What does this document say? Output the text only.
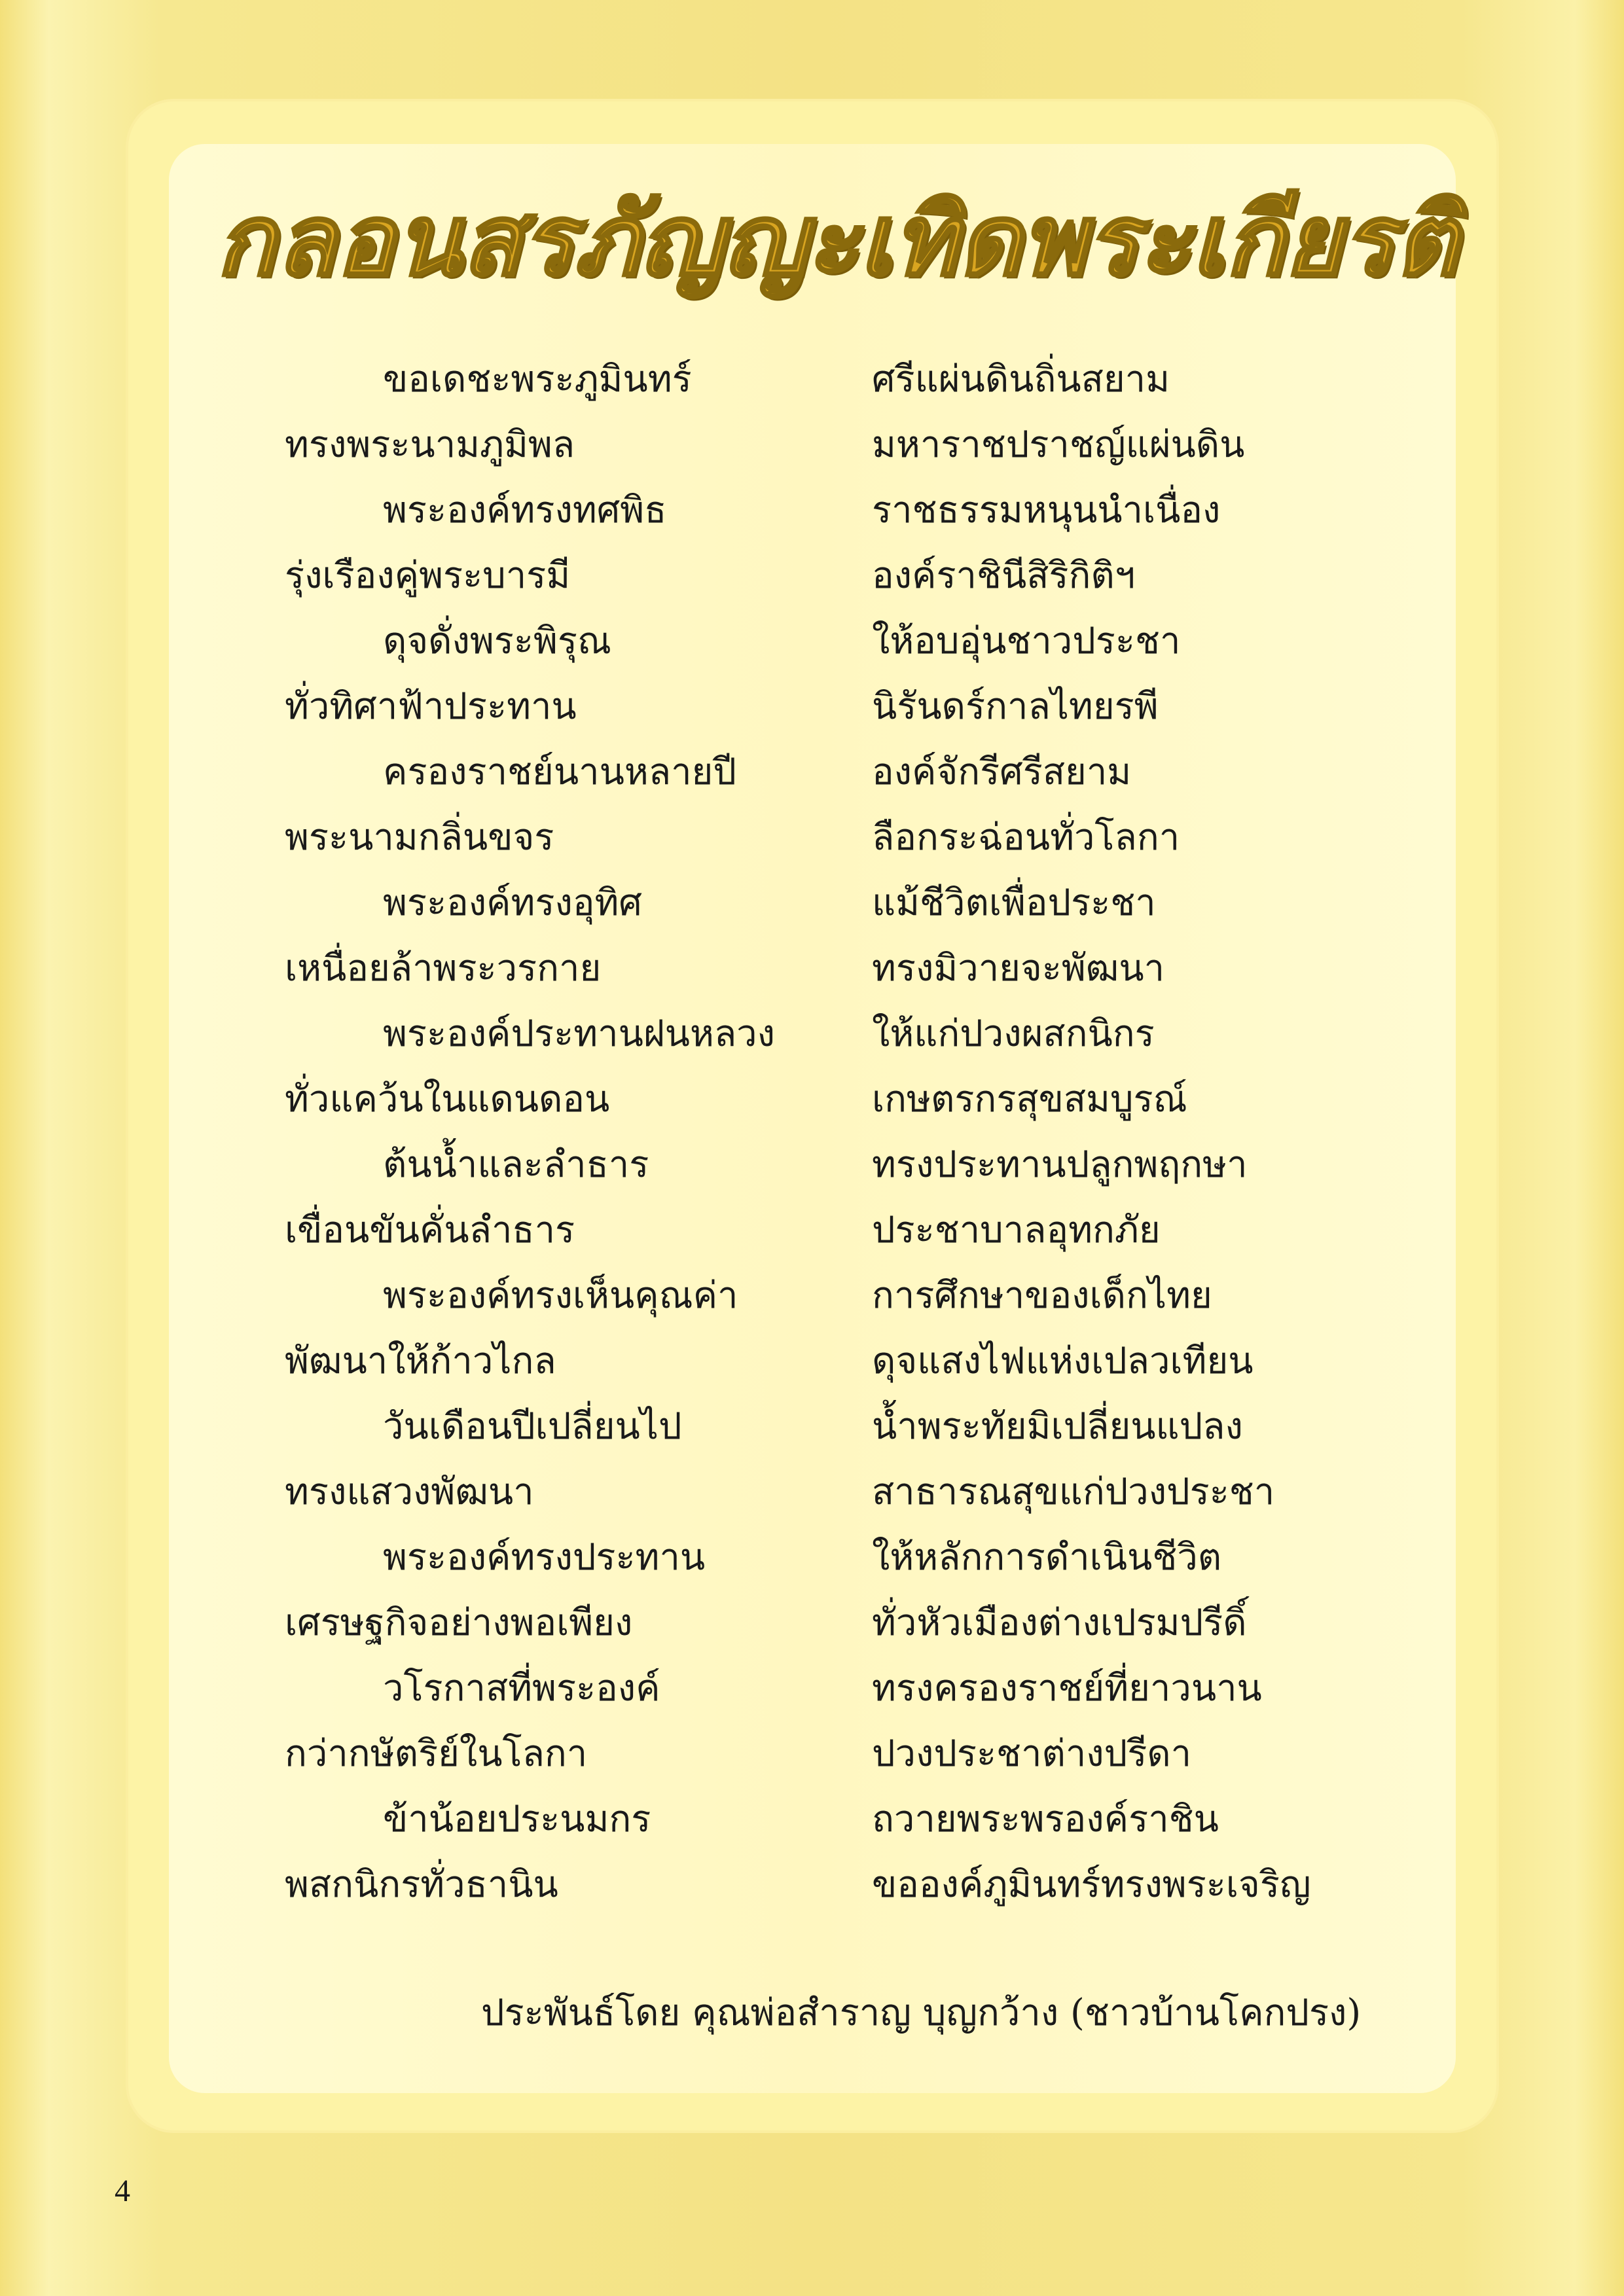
กลอนสรภัญญะเทิดพระเกียรติ
ขอเดชะพระภูมินทร์	ศรีแผ่นดินถิ่นสยาม
ทรงพระนามภูมิพล	มหาราชปราชญ์แผ่นดิน
พระองค์ทรงทศพิธ	ราชธรรมหนุนนำเนื่อง
รุ่งเรืองคู่พระบารมี	องค์ราชินีสิริกิติฯ
ดุจดั่งพระพิรุณ	ให้อบอุ่นชาวประชา
ทั่วทิศาฟ้าประทาน	นิรันดร์กาลไทยรพี
ครองราชย์นานหลายปี	องค์จักรีศรีสยาม
พระนามกลิ่นขจร	ลือกระฉ่อนทั่วโลกา
พระองค์ทรงอุทิศ	แม้ชีวิตเพื่อประชา
เหนื่อยล้าพระวรกาย	ทรงมิวายจะพัฒนา
พระองค์ประทานฝนหลวง	ให้แก่ปวงผสกนิกร
ทั่วแคว้นในแดนดอน	เกษตรกรสุขสมบูรณ์
ต้นน้ำและลำธาร	ทรงประทานปลูกพฤกษา
เขื่อนขันคั่นลำธาร	ประชาบาลอุทกภัย
พระองค์ทรงเห็นคุณค่า	การศึกษาของเด็กไทย
พัฒนาให้ก้าวไกล	ดุจแสงไฟแห่งเปลวเทียน
วันเดือนปีเปลี่ยนไป	น้ำพระทัยมิเปลี่ยนแปลง
ทรงแสวงพัฒนา	สาธารณสุขแก่ปวงประชา
พระองค์ทรงประทาน	ให้หลักการดำเนินชีวิต
เศรษฐกิจอย่างพอเพียง	ทั่วหัวเมืองต่างเปรมปรีดิ์
วโรกาสที่พระองค์	ทรงครองราชย์ที่ยาวนาน
กว่ากษัตริย์ในโลกา	ปวงประชาต่างปรีดา
ข้าน้อยประนมกร	ถวายพระพรองค์ราชิน
พสกนิกรทั่วธานิน	ขอองค์ภูมินทร์ทรงพระเจริญ
ประพันธ์โดย คุณพ่อสำราญ บุญกว้าง (ชาวบ้านโคกปรง)
4
